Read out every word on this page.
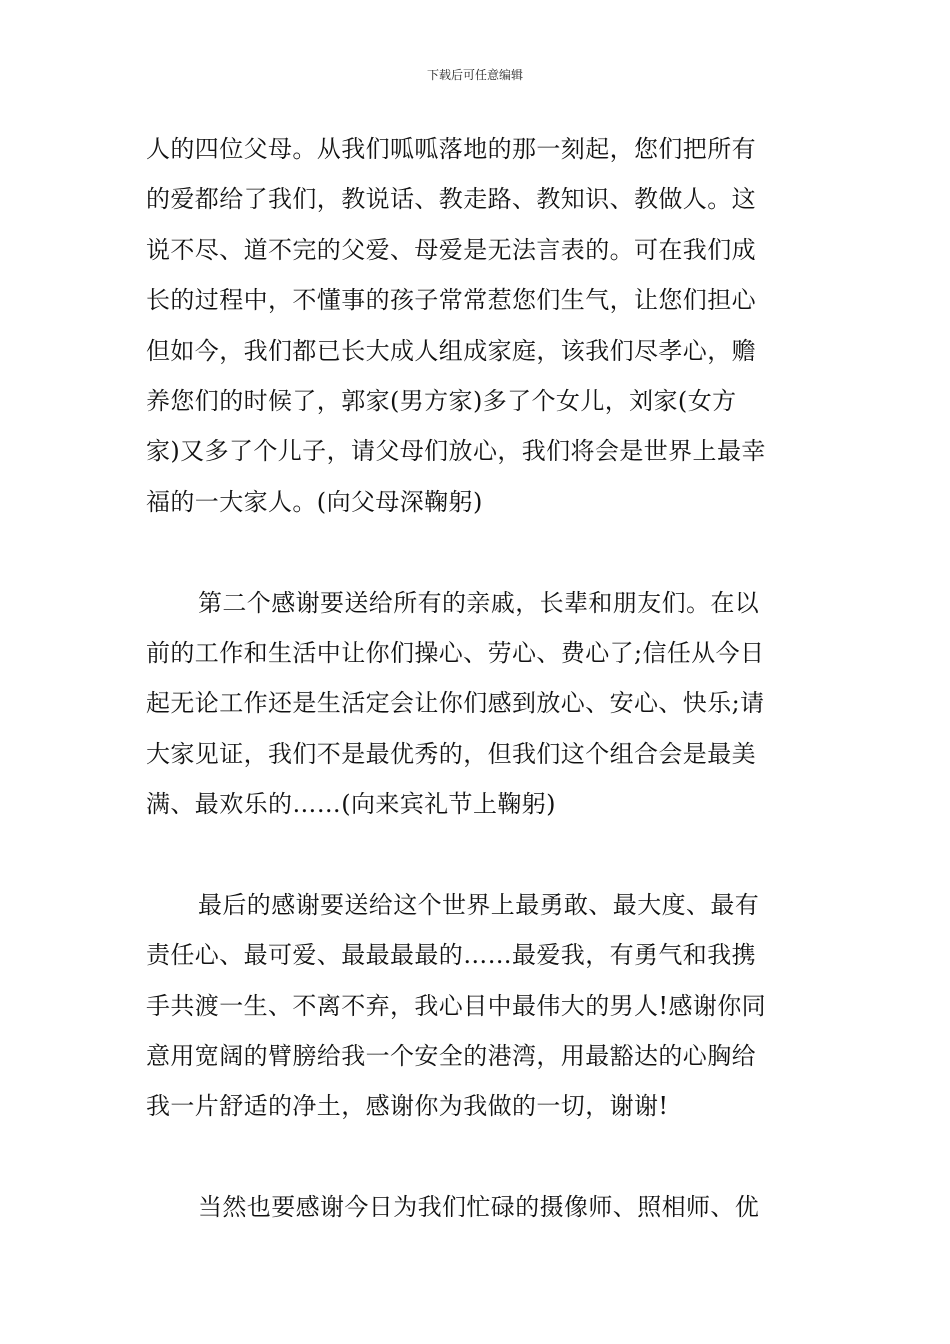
下载后可任意编辑
人的四位父母。从我们呱呱落地的那一刻起，您们把所有
的爱都给了我们，教说话、教走路、教知识、教做人。这
说不尽、道不完的父爱、母爱是无法言表的。可在我们成
长的过程中，不懂事的孩子常常惹您们生气，让您们担心
但如今，我们都已长大成人组成家庭，该我们尽孝心，赡
养您们的时候了，郭家(男方家)多了个女儿，刘家(女方
家)又多了个儿子，请父母们放心，我们将会是世界上最幸
福的一大家人。(向父母深鞠躬)
第二个感谢要送给所有的亲戚，长辈和朋友们。在以
前的工作和生活中让你们操心、劳心、费心了;信任从今日
起无论工作还是生活定会让你们感到放心、安心、快乐;请
大家见证，我们不是最优秀的，但我们这个组合会是最美
满、最欢乐的……(向来宾礼节上鞠躬)
最后的感谢要送给这个世界上最勇敢、最大度、最有
责任心、最可爱、最最最最的……最爱我，有勇气和我携
手共渡一生、不离不弃，我心目中最伟大的男人!感谢你同
意用宽阔的臂膀给我一个安全的港湾，用最豁达的心胸给
我一片舒适的净土，感谢你为我做的一切，谢谢!
当然也要感谢今日为我们忙碌的摄像师、照相师、优
